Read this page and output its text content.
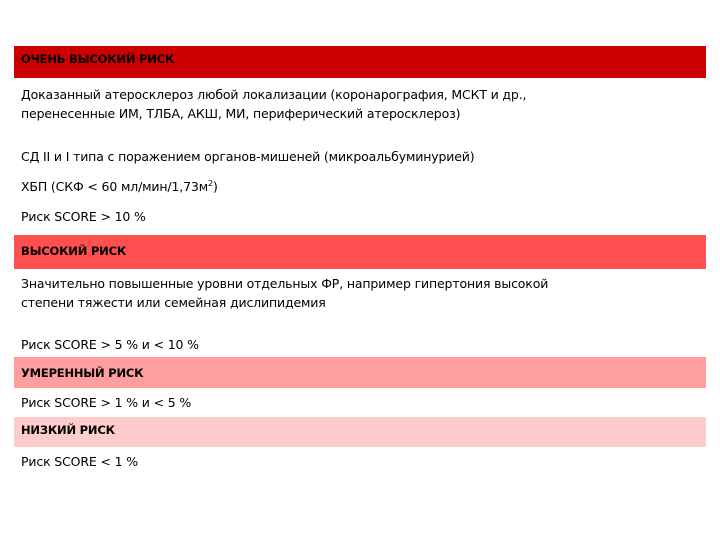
ОЧЕНЬ ВЫСОКИЙ РИСК
Доказанный атеросклероз любой локализации (коронарография, МСКТ и др.,
перенесенные ИМ, ТЛБА, АКШ, МИ, периферический атеросклероз)
СД II и I типа с поражением органов-мишеней (микроальбуминурией)
ХБП (СКФ < 60 $мл/мин/1,73м^2$)
Риск SCORE > 10 %
ВЫСОКИЙ РИСК
Значительно повышенные уровни отдельных ФР, например гипертония высокой
степени тяжести или семейная дислипидемия
Риск SCORE > 5 % и < 10 %
УМЕРЕННЫЙ РИСК
Риск SCORE > 1 % и < 5 %
НИЗКИЙ РИСК
Риск SCORE < 1 %
